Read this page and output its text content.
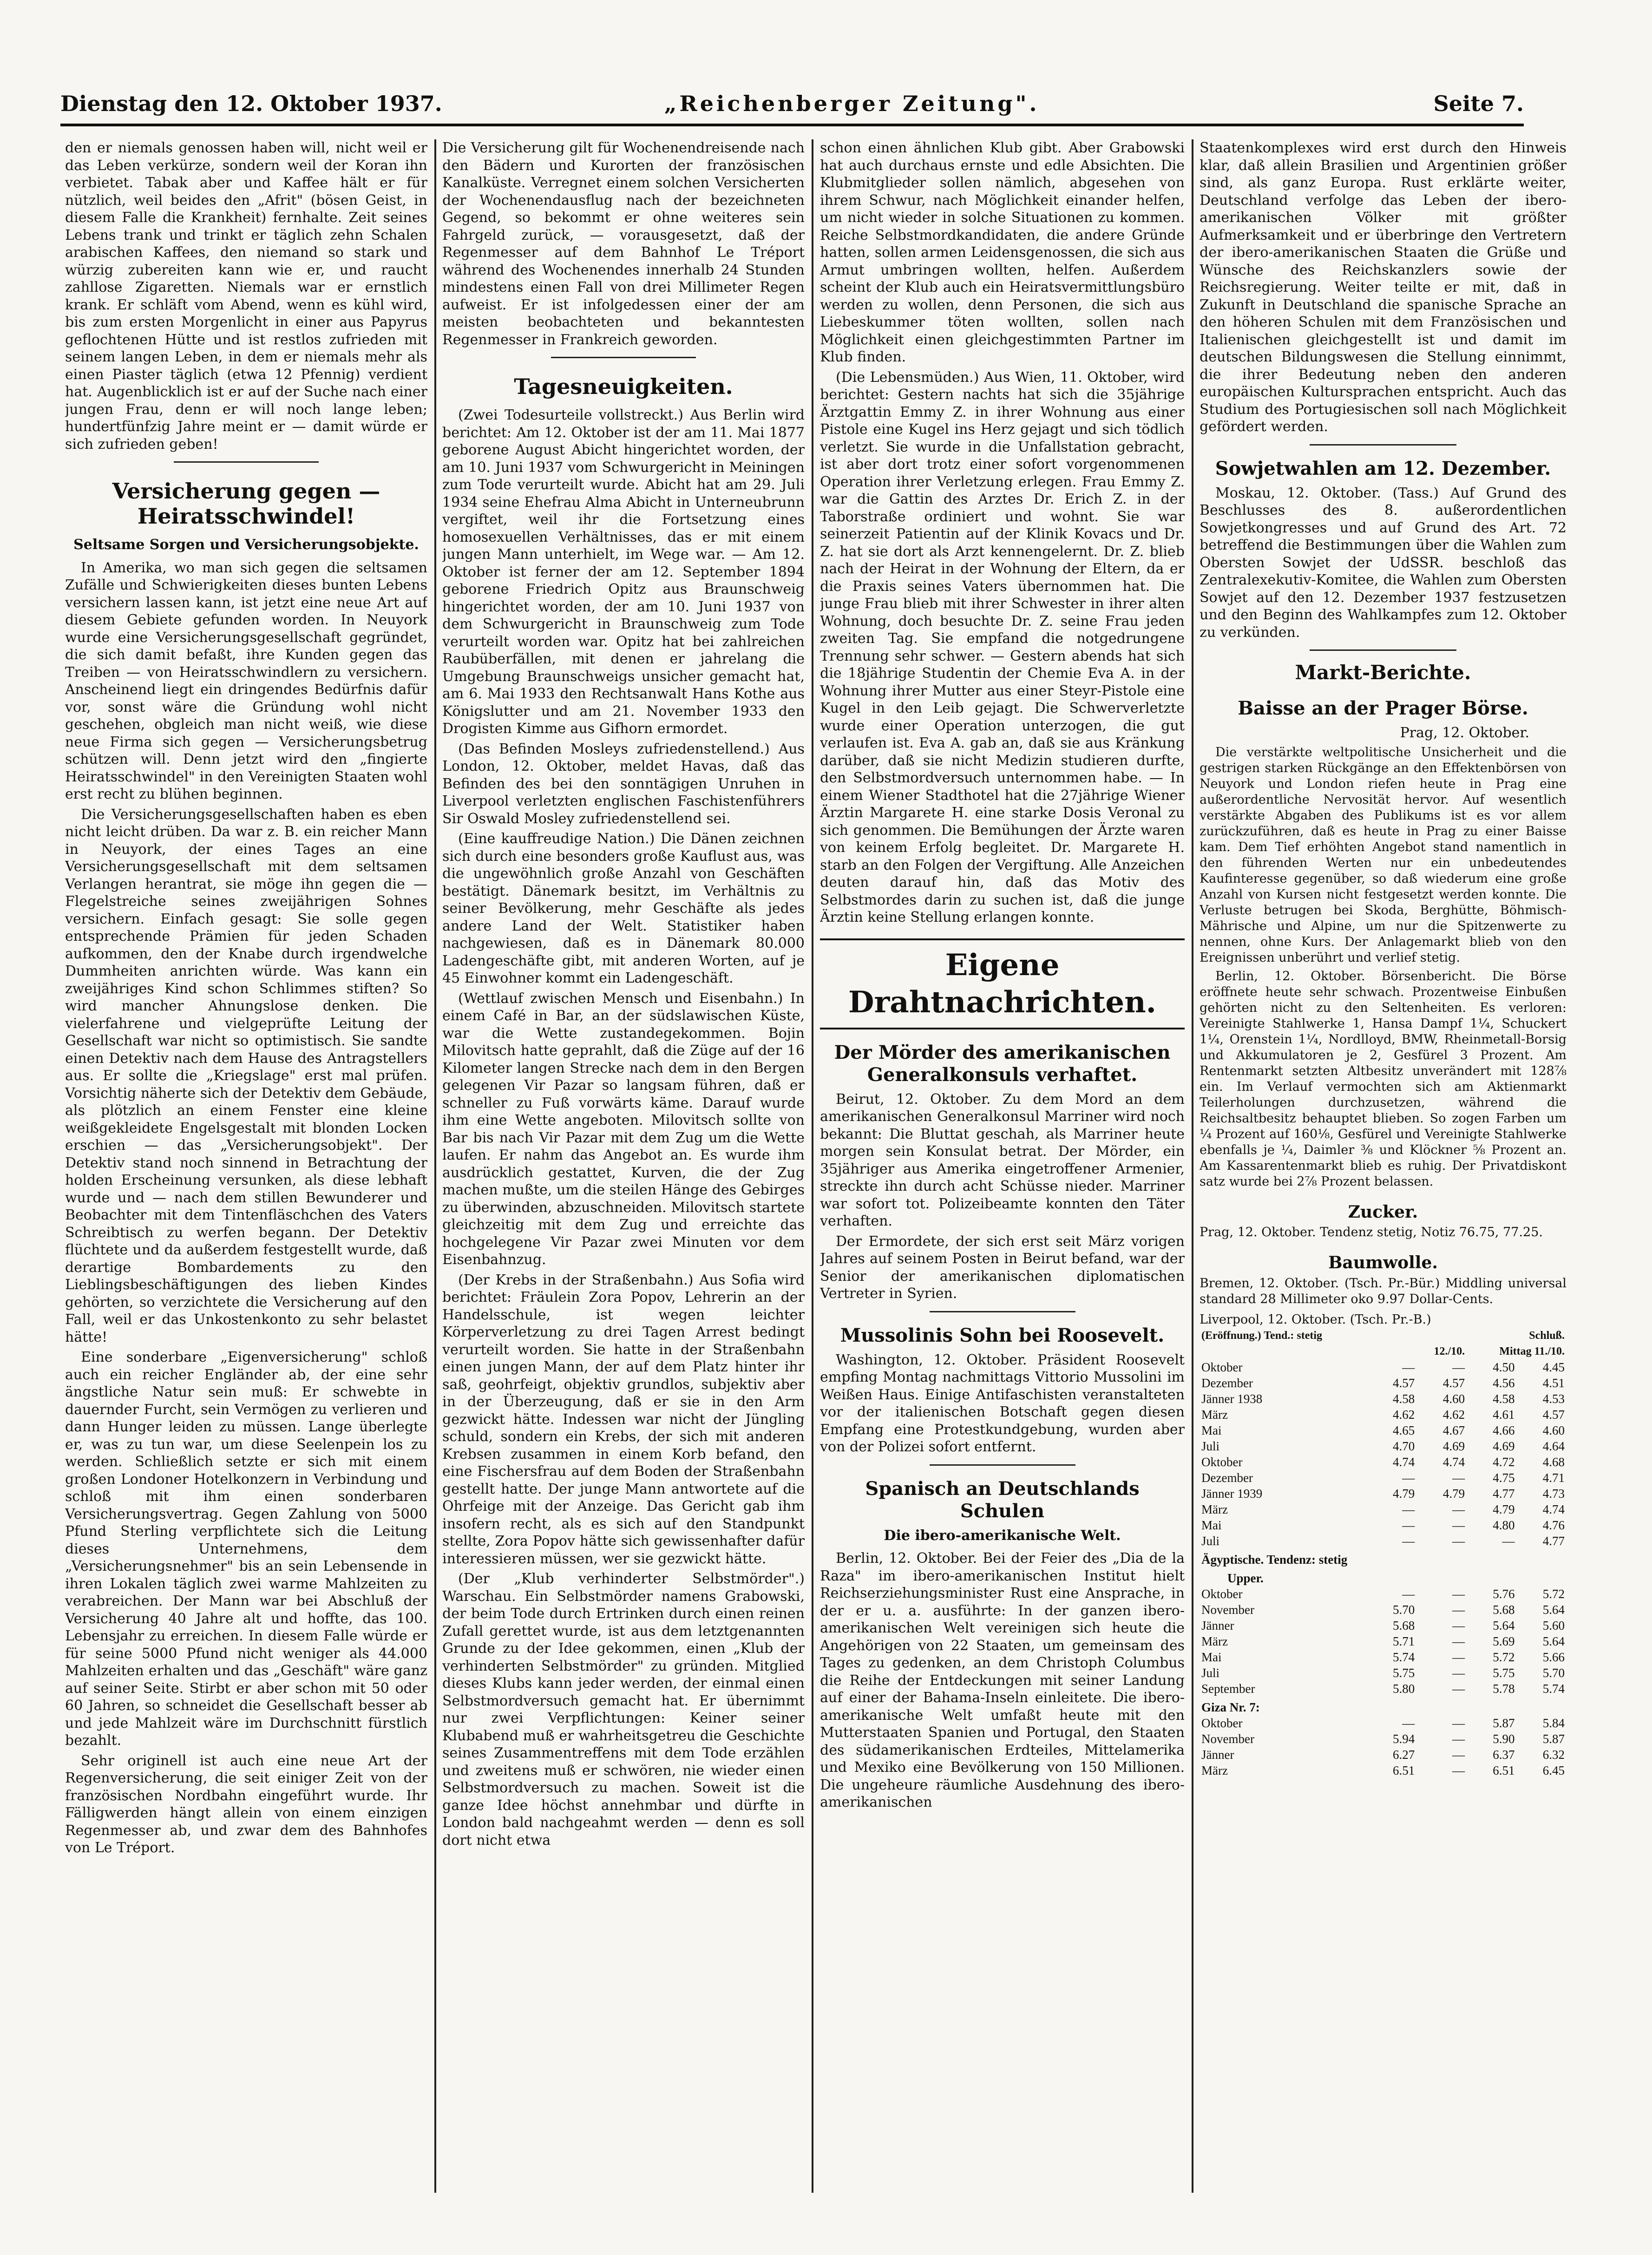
Dienstag den 12. Oktober 1937.	„Reichenberger Zeitung".	Seite 7.

den er niemals genossen haben will, nicht weil er das Leben verkürze, sondern weil der Koran ihn verbietet. Tabak aber und Kaffee hält er für nützlich, weil beides den „Afrit" (bösen Geist, in diesem Falle die Krankheit) fernhalte. Zeit seines Lebens trank und trinkt er täglich zehn Schalen arabischen Kaffees, den niemand so stark und würzig zubereiten kann wie er, und raucht zahllose Zigaretten. Niemals war er ernstlich krank. Er schläft vom Abend, wenn es kühl wird, bis zum ersten Morgenlicht in einer aus Papyrus geflochtenen Hütte und ist restlos zufrieden mit seinem langen Leben, in dem er niemals mehr als einen Piaster täglich (etwa 12 Pfennig) verdient hat. Augenblicklich ist er auf der Suche nach einer jungen Frau, denn er will noch lange leben; hundertfünfzig Jahre meint er — damit würde er sich zufrieden geben!

Versicherung gegen — Heiratsschwindel!
Seltsame Sorgen und Versicherungsobjekte.

In Amerika, wo man sich gegen die seltsamen Zufälle und Schwierigkeiten dieses bunten Lebens versichern lassen kann, ist jetzt eine neue Art auf diesem Gebiete gefunden worden. In Neuyork wurde eine Versicherungsgesellschaft gegründet, die sich damit befaßt, ihre Kunden gegen das Treiben — von Heiratsschwindlern zu versichern. Anscheinend liegt ein dringendes Bedürfnis dafür vor, sonst wäre die Gründung wohl nicht geschehen, obgleich man nicht weiß, wie diese neue Firma sich gegen — Versicherungsbetrug schützen will. Denn jetzt wird den „fingierte Heiratsschwindel" in den Vereinigten Staaten wohl erst recht zu blühen beginnen.

Die Versicherungsgesellschaften haben es eben nicht leicht drüben. Da war z. B. ein reicher Mann in Neuyork, der eines Tages an eine Versicherungsgesellschaft mit dem seltsamen Verlangen herantrat, sie möge ihn gegen die — Flegelstreiche seines zweijährigen Sohnes versichern. Einfach gesagt: Sie solle gegen entsprechende Prämien für jeden Schaden aufkommen, den der Knabe durch irgendwelche Dummheiten anrichten würde. Was kann ein zweijähriges Kind schon Schlimmes stiften? So wird mancher Ahnungslose denken. Die vielerfahrene und vielgeprüfte Leitung der Gesellschaft war nicht so optimistisch. Sie sandte einen Detektiv nach dem Hause des Antragstellers aus. Er sollte die „Kriegslage" erst mal prüfen. Vorsichtig näherte sich der Detektiv dem Gebäude, als plötzlich an einem Fenster eine kleine weißgekleidete Engelsgestalt mit blonden Locken erschien — das „Versicherungsobjekt". Der Detektiv stand noch sinnend in Betrachtung der holden Erscheinung versunken, als diese lebhaft wurde und — nach dem stillen Bewunderer und Beobachter mit dem Tintenfläschchen des Vaters Schreibtisch zu werfen begann. Der Detektiv flüchtete und da außerdem festgestellt wurde, daß derartige Bombardements zu den Lieblingsbeschäftigungen des lieben Kindes gehörten, so verzichtete die Versicherung auf den Fall, weil er das Unkostenkonto zu sehr belastet hätte!

Eine sonderbare „Eigenversicherung" schloß auch ein reicher Engländer ab, der eine sehr ängstliche Natur sein muß: Er schwebte in dauernder Furcht, sein Vermögen zu verlieren und dann Hunger leiden zu müssen. Lange überlegte er, was zu tun war, um diese Seelenpein los zu werden. Schließlich setzte er sich mit einem großen Londoner Hotelkonzern in Verbindung und schloß mit ihm einen sonderbaren Versicherungsvertrag. Gegen Zahlung von 5000 Pfund Sterling verpflichtete sich die Leitung dieses Unternehmens, dem „Versicherungsnehmer" bis an sein Lebensende in ihren Lokalen täglich zwei warme Mahlzeiten zu verabreichen. Der Mann war bei Abschluß der Versicherung 40 Jahre alt und hoffte, das 100. Lebensjahr zu erreichen. In diesem Falle würde er für seine 5000 Pfund nicht weniger als 44.000 Mahlzeiten erhalten und das „Geschäft" wäre ganz auf seiner Seite. Stirbt er aber schon mit 50 oder 60 Jahren, so schneidet die Gesellschaft besser ab und jede Mahlzeit wäre im Durchschnitt fürstlich bezahlt.

Sehr originell ist auch eine neue Art der Regenversicherung, die seit einiger Zeit von der französischen Nordbahn eingeführt wurde. Ihr Fälligwerden hängt allein von einem einzigen Regenmesser ab, und zwar dem des Bahnhofes von Le Tréport.

Die Versicherung gilt für Wochenendreisende nach den Bädern und Kurorten der französischen Kanalküste. Verregnet einem solchen Versicherten der Wochenendausflug nach der bezeichneten Gegend, so bekommt er ohne weiteres sein Fahrgeld zurück, — vorausgesetzt, daß der Regenmesser auf dem Bahnhof Le Tréport während des Wochenendes innerhalb 24 Stunden mindestens einen Fall von drei Millimeter Regen aufweist. Er ist infolgedessen einer der am meisten beobachteten und bekanntesten Regenmesser in Frankreich geworden.

Tagesneuigkeiten.

(Zwei Todesurteile vollstreckt.) Aus Berlin wird berichtet: Am 12. Oktober ist der am 11. Mai 1877 geborene August Abicht hingerichtet worden, der am 10. Juni 1937 vom Schwurgericht in Meiningen zum Tode verurteilt wurde. Abicht hat am 29. Juli 1934 seine Ehefrau Alma Abicht in Unterneubrunn vergiftet, weil ihr die Fortsetzung eines homosexuellen Verhältnisses, das er mit einem jungen Mann unterhielt, im Wege war. — Am 12. Oktober ist ferner der am 12. September 1894 geborene Friedrich Opitz aus Braunschweig hingerichtet worden, der am 10. Juni 1937 von dem Schwurgericht in Braunschweig zum Tode verurteilt worden war. Opitz hat bei zahlreichen Raubüberfällen, mit denen er jahrelang die Umgebung Braunschweigs unsicher gemacht hat, am 6. Mai 1933 den Rechtsanwalt Hans Kothe aus Königslutter und am 21. November 1933 den Drogisten Kimme aus Gifhorn ermordet.

(Das Befinden Mosleys zufriedenstellend.) Aus London, 12. Oktober, meldet Havas, daß das Befinden des bei den sonntägigen Unruhen in Liverpool verletzten englischen Faschistenführers Sir Oswald Mosley zufriedenstellend sei.

(Eine kauffreudige Nation.) Die Dänen zeichnen sich durch eine besonders große Kauflust aus, was die ungewöhnlich große Anzahl von Geschäften bestätigt. Dänemark besitzt, im Verhältnis zu seiner Bevölkerung, mehr Geschäfte als jedes andere Land der Welt. Statistiker haben nachgewiesen, daß es in Dänemark 80.000 Ladengeschäfte gibt, mit anderen Worten, auf je 45 Einwohner kommt ein Ladengeschäft.

(Wettlauf zwischen Mensch und Eisenbahn.) In einem Café in Bar, an der südslawischen Küste, war die Wette zustandegekommen. Bojin Milovitsch hatte geprahlt, daß die Züge auf der 16 Kilometer langen Strecke nach dem in den Bergen gelegenen Vir Pazar so langsam führen, daß er schneller zu Fuß vorwärts käme. Darauf wurde ihm eine Wette angeboten. Milovitsch sollte von Bar bis nach Vir Pazar mit dem Zug um die Wette laufen. Er nahm das Angebot an. Es wurde ihm ausdrücklich gestattet, Kurven, die der Zug machen mußte, um die steilen Hänge des Gebirges zu überwinden, abzuschneiden. Milovitsch startete gleichzeitig mit dem Zug und erreichte das hochgelegene Vir Pazar zwei Minuten vor dem Eisenbahnzug.

(Der Krebs in der Straßenbahn.) Aus Sofia wird berichtet: Fräulein Zora Popov, Lehrerin an der Handelsschule, ist wegen leichter Körperverletzung zu drei Tagen Arrest bedingt verurteilt worden. Sie hatte in der Straßenbahn einen jungen Mann, der auf dem Platz hinter ihr saß, geohrfeigt, objektiv grundlos, subjektiv aber in der Überzeugung, daß er sie in den Arm gezwickt hätte. Indessen war nicht der Jüngling schuld, sondern ein Krebs, der sich mit anderen Krebsen zusammen in einem Korb befand, den eine Fischersfrau auf dem Boden der Straßenbahn gestellt hatte. Der junge Mann antwortete auf die Ohrfeige mit der Anzeige. Das Gericht gab ihm insofern recht, als es sich auf den Standpunkt stellte, Zora Popov hätte sich gewissenhafter dafür interessieren müssen, wer sie gezwickt hätte.

(Der „Klub verhinderter Selbstmörder".) Warschau. Ein Selbstmörder namens Grabowski, der beim Tode durch Ertrinken durch einen reinen Zufall gerettet wurde, ist aus dem letztgenannten Grunde zu der Idee gekommen, einen „Klub der verhinderten Selbstmörder" zu gründen. Mitglied dieses Klubs kann jeder werden, der einmal einen Selbstmordversuch gemacht hat. Er übernimmt nur zwei Verpflichtungen: Keiner seiner Klubabend muß er wahrheitsgetreu die Geschichte seines Zusammentreffens mit dem Tode erzählen und zweitens muß er schwören, nie wieder einen Selbstmordversuch zu machen. Soweit ist die ganze Idee höchst annehmbar und dürfte in London bald nachgeahmt werden — denn es soll dort nicht etwa

schon einen ähnlichen Klub gibt. Aber Grabowski hat auch durchaus ernste und edle Absichten. Die Klubmitglieder sollen nämlich, abgesehen von ihrem Schwur, nach Möglichkeit einander helfen, um nicht wieder in solche Situationen zu kommen. Reiche Selbstmordkandidaten, die andere Gründe hatten, sollen armen Leidensgenossen, die sich aus Armut umbringen wollten, helfen. Außerdem scheint der Klub auch ein Heiratsvermittlungsbüro werden zu wollen, denn Personen, die sich aus Liebeskummer töten wollten, sollen nach Möglichkeit einen gleichgestimmten Partner im Klub finden.

(Die Lebensmüden.) Aus Wien, 11. Oktober, wird berichtet: Gestern nachts hat sich die 35jährige Ärztgattin Emmy Z. in ihrer Wohnung aus einer Pistole eine Kugel ins Herz gejagt und sich tödlich verletzt. Sie wurde in die Unfallstation gebracht, ist aber dort trotz einer sofort vorgenommenen Operation ihrer Verletzung erlegen. Frau Emmy Z. war die Gattin des Arztes Dr. Erich Z. in der Taborstraße ordiniert und wohnt. Sie war seinerzeit Patientin auf der Klinik Kovacs und Dr. Z. hat sie dort als Arzt kennengelernt. Dr. Z. blieb nach der Heirat in der Wohnung der Eltern, da er die Praxis seines Vaters übernommen hat. Die junge Frau blieb mit ihrer Schwester in ihrer alten Wohnung, doch besuchte Dr. Z. seine Frau jeden zweiten Tag. Sie empfand die notgedrungene Trennung sehr schwer. — Gestern abends hat sich die 18jährige Studentin der Chemie Eva A. in der Wohnung ihrer Mutter aus einer Steyr-Pistole eine Kugel in den Leib gejagt. Die Schwerverletzte wurde einer Operation unterzogen, die gut verlaufen ist. Eva A. gab an, daß sie aus Kränkung darüber, daß sie nicht Medizin studieren durfte, den Selbstmordversuch unternommen habe. — In einem Wiener Stadthotel hat die 27jährige Wiener Ärztin Margarete H. eine starke Dosis Veronal zu sich genommen. Die Bemühungen der Ärzte waren von keinem Erfolg begleitet. Dr. Margarete H. starb an den Folgen der Vergiftung. Alle Anzeichen deuten darauf hin, daß das Motiv des Selbstmordes darin zu suchen ist, daß die junge Ärztin keine Stellung erlangen konnte.

Eigene Drahtnachrichten.
Der Mörder des amerikanischen Generalkonsuls verhaftet.

Beirut, 12. Oktober. Zu dem Mord an dem amerikanischen Generalkonsul Marriner wird noch bekannt: Die Bluttat geschah, als Marriner heute morgen sein Konsulat betrat. Der Mörder, ein 35jähriger aus Amerika eingetroffener Armenier, streckte ihn durch acht Schüsse nieder. Marriner war sofort tot. Polizeibeamte konnten den Täter verhaften.

Der Ermordete, der sich erst seit März vorigen Jahres auf seinem Posten in Beirut befand, war der Senior der amerikanischen diplomatischen Vertreter in Syrien.

Mussolinis Sohn bei Roosevelt.

Washington, 12. Oktober. Präsident Roosevelt empfing Montag nachmittags Vittorio Mussolini im Weißen Haus. Einige Antifaschisten veranstalteten vor der italienischen Botschaft gegen diesen Empfang eine Protestkundgebung, wurden aber von der Polizei sofort entfernt.

Spanisch an Deutschlands Schulen
Die ibero-amerikanische Welt.

Berlin, 12. Oktober. Bei der Feier des „Dia de la Raza" im ibero-amerikanischen Institut hielt Reichserziehungsminister Rust eine Ansprache, in der er u. a. ausführte: In der ganzen ibero-amerikanischen Welt vereinigen sich heute die Angehörigen von 22 Staaten, um gemeinsam des Tages zu gedenken, an dem Christoph Columbus die Reihe der Entdeckungen mit seiner Landung auf einer der Bahama-Inseln einleitete. Die ibero-amerikanische Welt umfaßt heute mit den Mutterstaaten Spanien und Portugal, den Staaten des südamerikanischen Erdteiles, Mittelamerika und Mexiko eine Bevölkerung von 150 Millionen. Die ungeheure räumliche Ausdehnung des ibero-amerikanischen

Staatenkomplexes wird erst durch den Hinweis klar, daß allein Brasilien und Argentinien größer sind, als ganz Europa. Rust erklärte weiter, Deutschland verfolge das Leben der ibero-amerikanischen Völker mit größter Aufmerksamkeit und er überbringe den Vertretern der ibero-amerikanischen Staaten die Grüße und Wünsche des Reichskanzlers sowie der Reichsregierung. Weiter teilte er mit, daß in Zukunft in Deutschland die spanische Sprache an den höheren Schulen mit dem Französischen und Italienischen gleichgestellt ist und damit im deutschen Bildungswesen die Stellung einnimmt, die ihrer Bedeutung neben den anderen europäischen Kultursprachen entspricht. Auch das Studium des Portugiesischen soll nach Möglichkeit gefördert werden.

Sowjetwahlen am 12. Dezember.

Moskau, 12. Oktober. (Tass.) Auf Grund des Beschlusses des 8. außerordentlichen Sowjetkongresses und auf Grund des Art. 72 betreffend die Bestimmungen über die Wahlen zum Obersten Sowjet der UdSSR. beschloß das Zentralexekutiv-Komitee, die Wahlen zum Obersten Sowjet auf den 12. Dezember 1937 festzusetzen und den Beginn des Wahlkampfes zum 12. Oktober zu verkünden.

Markt-Berichte.
Baisse an der Prager Börse.

Prag, 12. Oktober.

Die verstärkte weltpolitische Unsicherheit und die gestrigen starken Rückgänge an den Effektenbörsen von Neuyork und London riefen heute in Prag eine außerordentliche Nervosität hervor. Auf wesentlich verstärkte Abgaben des Publikums ist es vor allem zurückzuführen, daß es heute in Prag zu einer Baisse kam. Dem Tief erhöhten Angebot stand namentlich in den führenden Werten nur ein unbedeutendes Kaufinteresse gegenüber, so daß wiederum eine große Anzahl von Kursen nicht festgesetzt werden konnte. Die Verluste betrugen bei Skoda, Berghütte, Böhmisch-Mährische und Alpine, um nur die Spitzenwerte zu nennen, ohne Kurs. Der Anlagemarkt blieb von den Ereignissen unberührt und verlief stetig.

Berlin, 12. Oktober. Börsenbericht. Die Börse eröffnete heute sehr schwach. Prozentweise Einbußen gehörten nicht zu den Seltenheiten. Es verloren: Vereinigte Stahlwerke 1, Hansa Dampf 1¼, Schuckert 1¼, Orenstein 1¼, Nordlloyd, BMW, Rheinmetall-Borsig und Akkumulatoren je 2, Gesfürel 3 Prozent. Am Rentenmarkt setzten Altbesitz unverändert mit 128⅞ ein. Im Verlauf vermochten sich am Aktienmarkt Teilerholungen durchzusetzen, während die Reichsaltbesitz behauptet blieben. So zogen Farben um ¼ Prozent auf 160⅛, Gesfürel und Vereinigte Stahlwerke ebenfalls je ¼, Daimler ⅜ und Klöckner ⅝ Prozent an. Am Kassarentenmarkt blieb es ruhig. Der Privatdiskont satz wurde bei 2⅞ Prozent belassen.

Zucker.

Prag, 12. Oktober. Tendenz stetig, Notiz 76.75, 77.25.

Baumwolle.

Bremen, 12. Oktober. (Tsch. Pr.-Bür.) Middling universal standard 28 Millimeter oko 9.97 Dollar-Cents.

Liverpool, 12. Oktober. (Tsch. Pr.-B.)

(Eröffnung.) Tend.: stetig			Schluß.	
		12./10.	Mittag 11./10.	
Oktober	—	—	4.50	4.45
Dezember	4.57	4.57	4.56	4.51
Jänner 1938	4.58	4.60	4.58	4.53
März	4.62	4.62	4.61	4.57
Mai	4.65	4.67	4.66	4.60
Juli	4.70	4.69	4.69	4.64
Oktober	4.74	4.74	4.72	4.68
Dezember	—	—	4.75	4.71
Jänner 1939	4.79	4.79	4.77	4.73
März	—	—	4.79	4.74
Mai	—	—	4.80	4.76
Juli	—	—	—	4.77
Ägyptische. Tendenz: stetig				
Upper.				
Oktober	—	—	5.76	5.72
November	5.70	—	5.68	5.64
Jänner	5.68	—	5.64	5.60
März	5.71	—	5.69	5.64
Mai	5.74	—	5.72	5.66
Juli	5.75	—	5.75	5.70
September	5.80	—	5.78	5.74
Giza Nr. 7:				
Oktober	—	—	5.87	5.84
November	5.94	—	5.90	5.87
Jänner	6.27	—	6.37	6.32
März	6.51	—	6.51	6.45
